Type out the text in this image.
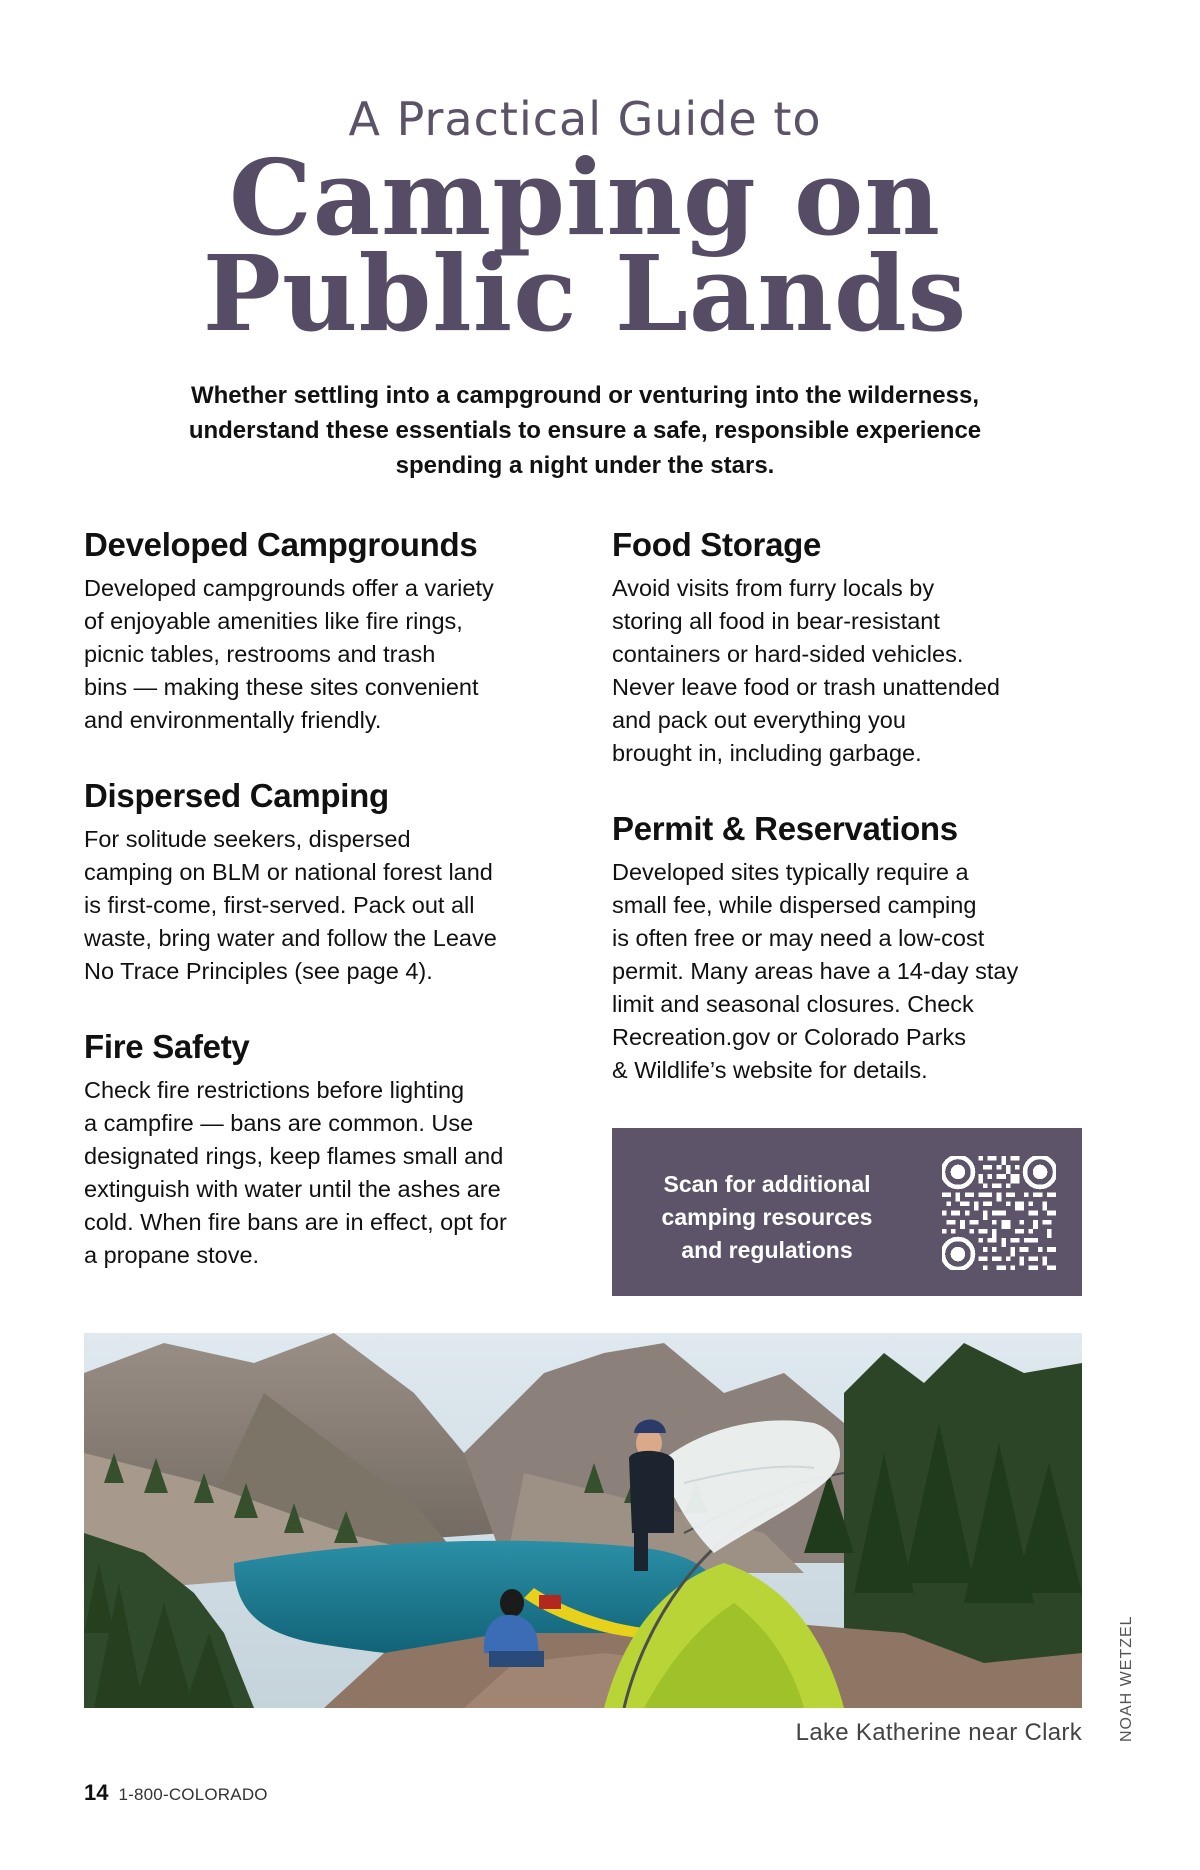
A Practical Guide to
Camping on
Public Lands
Whether settling into a campground or venturing into the wilderness,
understand these essentials to ensure a safe, responsible experience
spending a night under the stars.
Developed Campgrounds

Developed campgrounds offer a variety
of enjoyable amenities like fire rings,
picnic tables, restrooms and trash
bins — making these sites convenient
and environmentally friendly.

Dispersed Camping

For solitude seekers, dispersed
camping on BLM or national forest land
is first-come, first-served. Pack out all
waste, bring water and follow the Leave
No Trace Principles (see page 4).

Fire Safety

Check fire restrictions before lighting
a campfire — bans are common. Use
designated rings, keep flames small and
extinguish with water until the ashes are
cold. When fire bans are in effect, opt for
a propane stove.

Food Storage

Avoid visits from furry locals by
storing all food in bear-resistant
containers or hard-sided vehicles.
Never leave food or trash unattended
and pack out everything you
brought in, including garbage.

Permit & Reservations

Developed sites typically require a
small fee, while dispersed camping
is often free or may need a low-cost
permit. Many areas have a 14-day stay
limit and seasonal closures. Check
Recreation.gov or Colorado Parks
& Wildlife’s website for details.

Scan for additional
camping resources
and regulations
Lake Katherine near Clark NOAH WETZEL
14 1-800-COLORADO
